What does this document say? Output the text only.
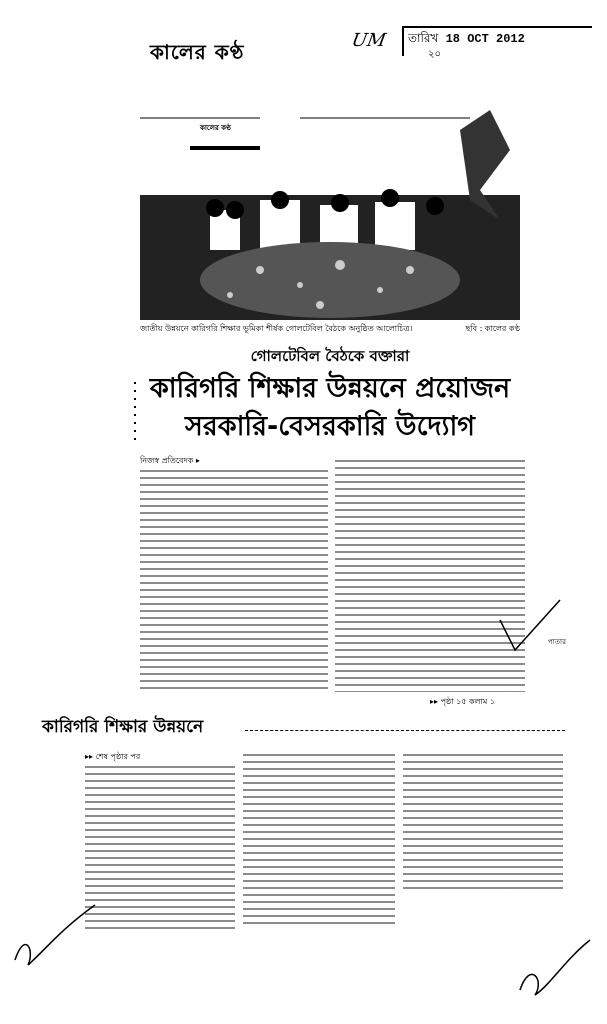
কালের কণ্ঠ	UM	তারিখ 18 OCT 2012
২০
কালের কণ্ঠ
জাতীয় উন্নয়নে কারিগরি শিক্ষার ভূমিকা শীর্ষক গোলটেবিল বৈঠকে অনুষ্ঠিত আলোচিত্র।	ছবি : কালের কণ্ঠ
গোলটেবিল বৈঠকে বক্তারা
কারিগরি শিক্ষার উন্নয়নে প্রয়োজন
সরকারি-বেসরকারি উদ্যোগ
নিজস্ব প্রতিবেদক ▸
▸▸ পৃষ্ঠা ১৫ কলাম ১
পাতার
কারিগরি শিক্ষার উন্নয়নে
▸▸ শেষ পৃষ্ঠার পর
